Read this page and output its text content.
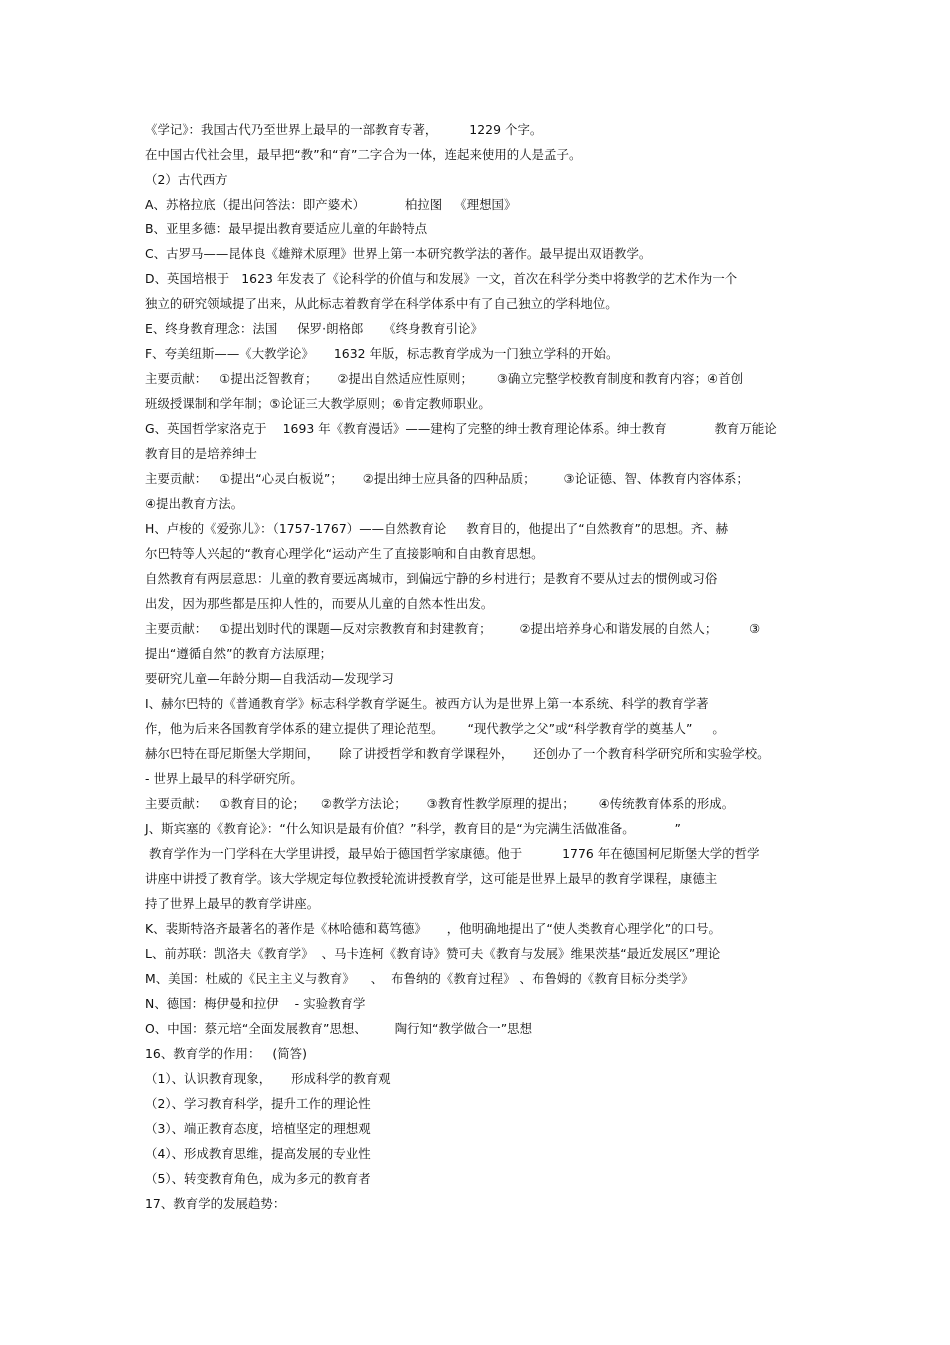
《学记》：我国古代乃至世界上最早的一部教育专著，        1229 个字。
在中国古代社会里，最早把“教”和“育”二字合为一体，连起来使用的人是孟子。
（2）古代西方
A、苏格拉底（提出问答法：即产婆术）          柏拉图   《理想国》
B、亚里多德：最早提出教育要适应儿童的年龄特点
C、古罗马——昆体良《雄辩术原理》世界上第一本研究教学法的著作。最早提出双语教学。
D、英国培根于   1623 年发表了《论科学的价值与和发展》一文，首次在科学分类中将教学的艺术作为一个
独立的研究领域提了出来，从此标志着教育学在科学体系中有了自己独立的学科地位。
E、终身教育理念：法国     保罗·朗格郎     《终身教育引论》
F、夸美纽斯——《大教学论》     1632 年版，标志教育学成为一门独立学科的开始。
主要贡献：   ①提出泛智教育；     ②提出自然适应性原则；      ③确立完整学校教育制度和教育内容；④首创
班级授课制和学年制；⑤论证三大教学原则；⑥肯定教师职业。
G、英国哲学家洛克于    1693 年《教育漫话》——建构了完整的绅士教育理论体系。绅士教育            教育万能论
教育目的是培养绅士
主要贡献：   ①提出“心灵白板说”；     ②提出绅士应具备的四种品质；       ③论证德、智、体教育内容体系；
④提出教育方法。
H、卢梭的《爱弥儿》：（1757-1767）——自然教育论     教育目的，他提出了“自然教育”的思想。齐、赫
尔巴特等人兴起的“教育心理学化“运动产生了直接影响和自由教育思想。
自然教育有两层意思：儿童的教育要远离城市，到偏远宁静的乡村进行；是教育不要从过去的惯例或习俗
出发，因为那些都是压抑人性的，而要从儿童的自然本性出发。
主要贡献：   ①提出划时代的课题—反对宗教教育和封建教育；       ②提出培养身心和谐发展的自然人；        ③
提出“遵循自然”的教育方法原理；
要研究儿童—年龄分期—自我活动—发现学习
I、赫尔巴特的《普通教育学》标志科学教育学诞生。被西方认为是世界上第一本系统、科学的教育学著
作，他为后来各国教育学体系的建立提供了理论范型。      “现代教学之父”或“科学教育学的奠基人”     。
赫尔巴特在哥尼斯堡大学期间，     除了讲授哲学和教育学课程外，     还创办了一个教育科学研究所和实验学校。
- 世界上最早的科学研究所。
主要贡献：   ①教育目的论；    ②教学方法论；     ③教育性教学原理的提出；      ④传统教育体系的形成。
J、斯宾塞的《教育论》：“什么知识是最有价值？”科学，教育目的是“为完满生活做准备。          ”
教育学作为一门学科在大学里讲授，最早始于德国哲学家康德。他于          1776 年在德国柯尼斯堡大学的哲学
讲座中讲授了教育学。该大学规定每位教授轮流讲授教育学，这可能是世界上最早的教育学课程，康德主
持了世界上最早的教育学讲座。
K、裴斯特洛齐最著名的著作是《林哈德和葛笃德》     ，他明确地提出了“使人类教育心理学化”的口号。
L、前苏联：凯洛夫《教育学》  、马卡连柯《教育诗》赞可夫《教育与发展》维果茨基“最近发展区”理论
M、美国：杜威的《民主主义与教育》    、  布鲁纳的《教育过程》 、布鲁姆的《教育目标分类学》
N、德国：梅伊曼和拉伊    - 实验教育学
O、中国：蔡元培“全面发展教育”思想、       陶行知“教学做合一”思想
16、教育学的作用：   (简答)
（1）、认识教育现象，     形成科学的教育观
（2）、学习教育科学，提升工作的理论性
（3）、端正教育态度，培植坚定的理想观
（4）、形成教育思维，提高发展的专业性
（5）、转变教育角色，成为多元的教育者
17、教育学的发展趋势：
